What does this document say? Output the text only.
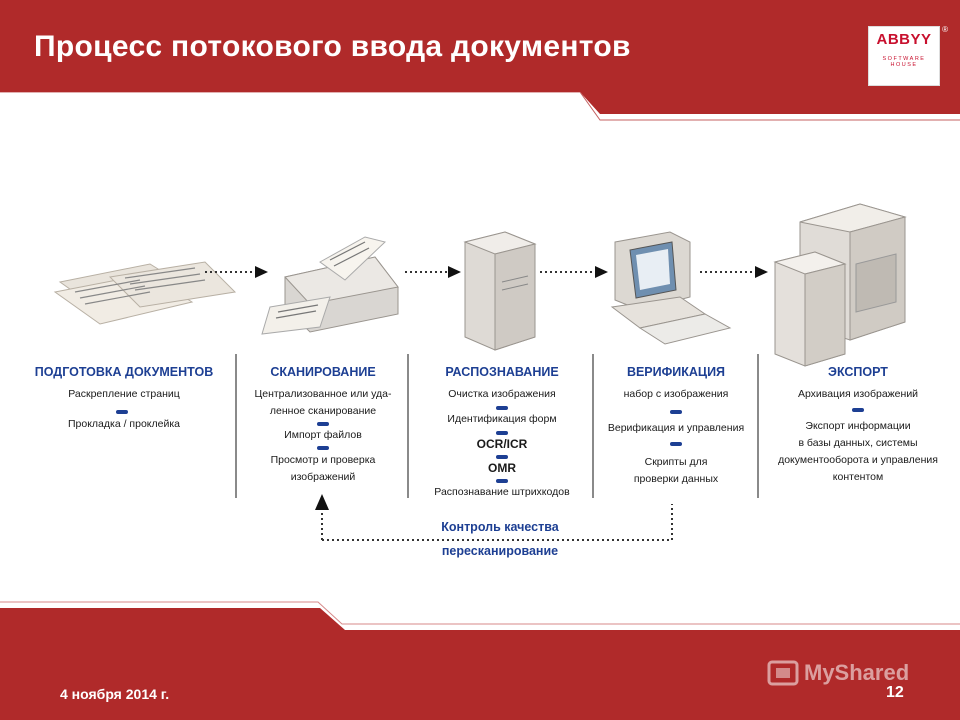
Процесс потокового ввода документов	ABBYY
SOFTWARE HOUSE
®
ПОДГОТОВКА ДОКУМЕНТОВ
Раскрепление страниц
Прокладка / проклейка
СКАНИРОВАНИЕ
Централизованное или уда-
ленное сканирование
Импорт файлов
Просмотр и проверка
изображений
РАСПОЗНАВАНИЕ
Очистка изображения
Идентификация форм
OCR/ICR
OMR
Распознавание штрихкодов
ВЕРИФИКАЦИЯ
набор с изображения
Верификация и управления
Скрипты для
проверки данных
ЭКСПОРТ
Архивация изображений
Экспорт информации
в базы данных, системы
документооборота и управления
контентом
Контроль качества
пересканирование
MyShared
4 ноября 2014 г.	12
